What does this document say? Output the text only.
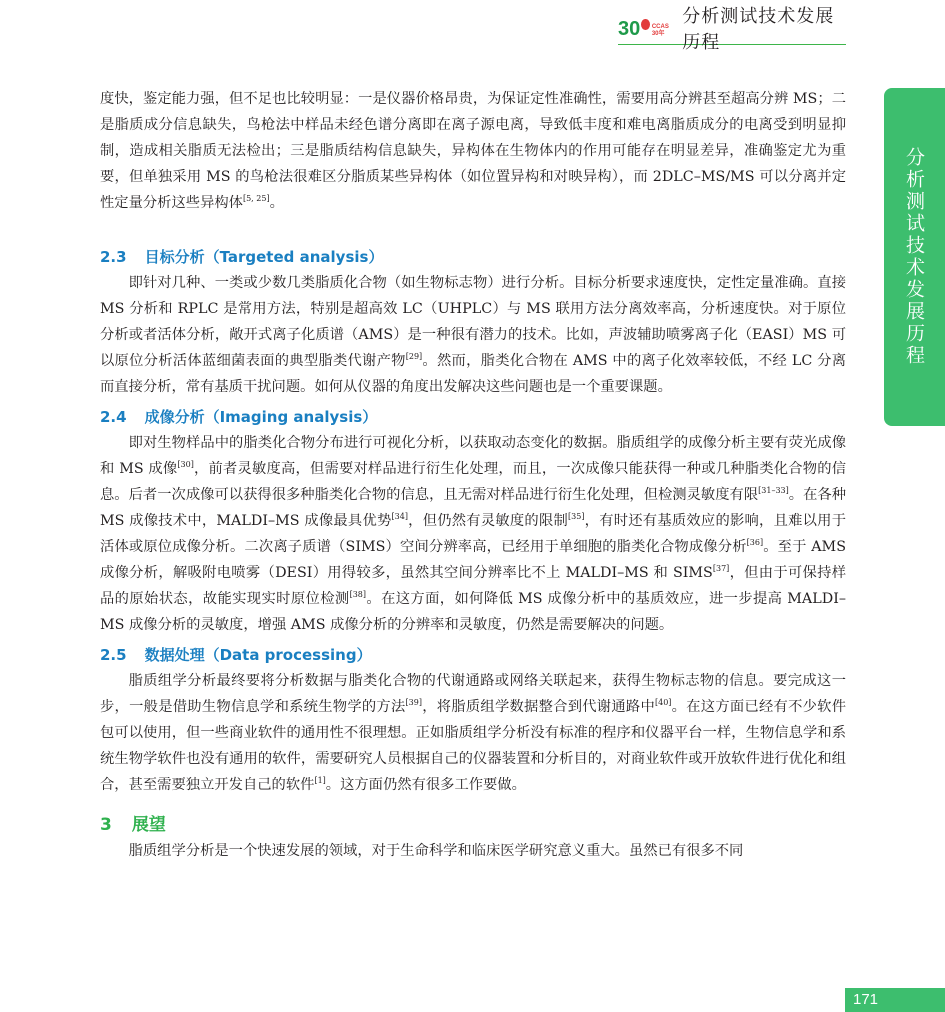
30 CCAS 30年
分析测试技术发展历程
分析测试技术发展历程

度快，鉴定能力强，但不足也比较明显：一是仪器价格昂贵，为保证定性准确性，需要用高分辨甚至超高分辨 MS；二是脂质成分信息缺失，鸟枪法中样品未经色谱分离即在离子源电离，导致低丰度和难电离脂质成分的电离受到明显抑制，造成相关脂质无法检出；三是脂质结构信息缺失，异构体在生物体内的作用可能存在明显差异，准确鉴定尤为重要，但单独采用 MS 的鸟枪法很难区分脂质某些异构体（如位置异构和对映异构），而 2DLC–MS/MS 可以分离并定性定量分析这些异构体[5, 25]。

2.3 目标分析（Targeted analysis）

即针对几种、一类或少数几类脂质化合物（如生物标志物）进行分析。目标分析要求速度快，定性定量准确。直接 MS 分析和 RPLC 是常用方法，特别是超高效 LC（UHPLC）与 MS 联用方法分离效率高，分析速度快。对于原位分析或者活体分析，敞开式离子化质谱（AMS）是一种很有潜力的技术。比如，声波辅助喷雾离子化（EASI）MS 可以原位分析活体蓝细菌表面的典型脂类代谢产物[29]。然而，脂类化合物在 AMS 中的离子化效率较低，不经 LC 分离而直接分析，常有基质干扰问题。如何从仪器的角度出发解决这些问题也是一个重要课题。

2.4 成像分析（Imaging analysis）

即对生物样品中的脂类化合物分布进行可视化分析，以获取动态变化的数据。脂质组学的成像分析主要有荧光成像和 MS 成像[30]，前者灵敏度高，但需要对样品进行衍生化处理，而且，一次成像只能获得一种或几种脂类化合物的信息。后者一次成像可以获得很多种脂类化合物的信息，且无需对样品进行衍生化处理，但检测灵敏度有限[31–33]。在各种 MS 成像技术中，MALDI–MS 成像最具优势[34]，但仍然有灵敏度的限制[35]，有时还有基质效应的影响，且难以用于活体或原位成像分析。二次离子质谱（SIMS）空间分辨率高，已经用于单细胞的脂类化合物成像分析[36]。至于 AMS 成像分析，解吸附电喷雾（DESI）用得较多，虽然其空间分辨率比不上 MALDI–MS 和 SIMS[37]，但由于可保持样品的原始状态，故能实现实时原位检测[38]。在这方面，如何降低 MS 成像分析中的基质效应，进一步提高 MALDI–MS 成像分析的灵敏度，增强 AMS 成像分析的分辨率和灵敏度，仍然是需要解决的问题。

2.5 数据处理（Data processing）

脂质组学分析最终要将分析数据与脂类化合物的代谢通路或网络关联起来，获得生物标志物的信息。要完成这一步，一般是借助生物信息学和系统生物学的方法[39]，将脂质组学数据整合到代谢通路中[40]。在这方面已经有不少软件包可以使用，但一些商业软件的通用性不很理想。正如脂质组学分析没有标准的程序和仪器平台一样，生物信息学和系统生物学软件也没有通用的软件，需要研究人员根据自己的仪器装置和分析目的，对商业软件或开放软件进行优化和组合，甚至需要独立开发自己的软件[1]。这方面仍然有很多工作要做。

3 展望

脂质组学分析是一个快速发展的领域，对于生命科学和临床医学研究意义重大。虽然已有很多不同

171
